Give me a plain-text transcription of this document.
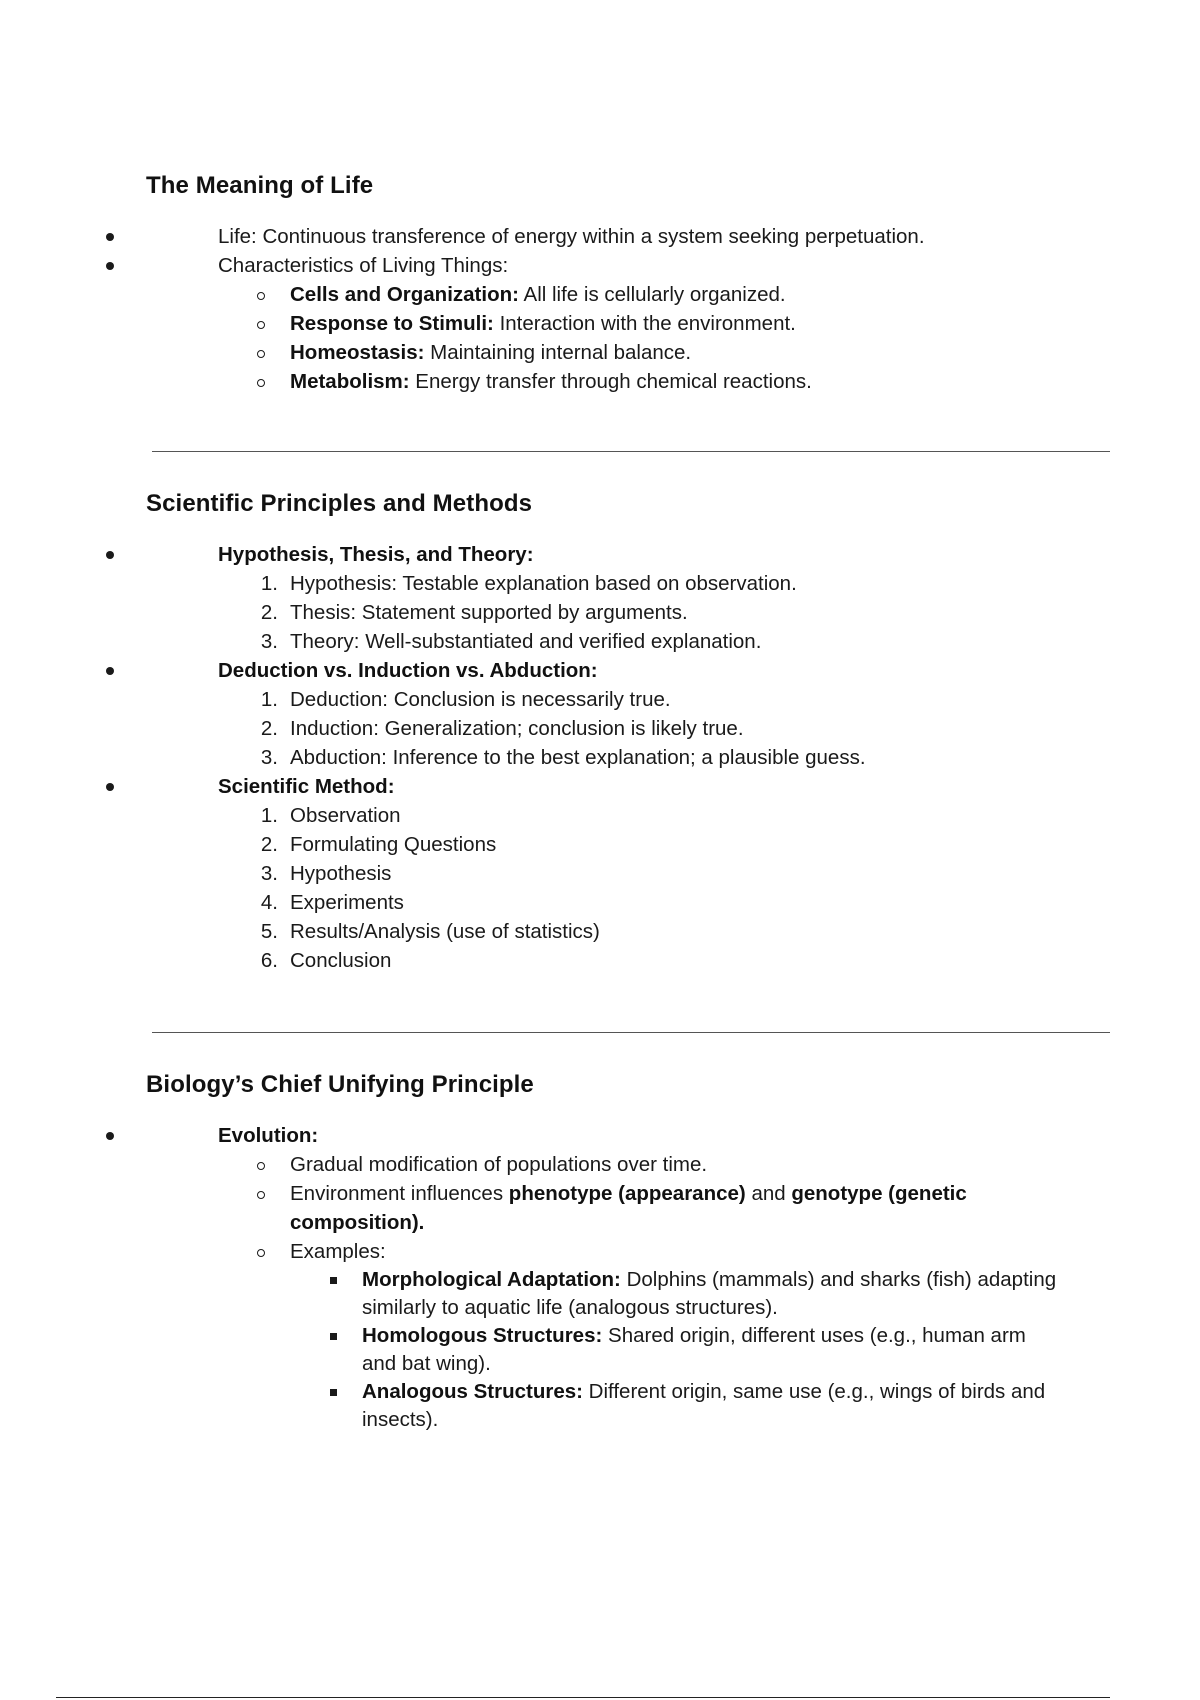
The Meaning of Life
Life: Continuous transference of energy within a system seeking perpetuation.
Characteristics of Living Things:
Cells and Organization: All life is cellularly organized.
Response to Stimuli: Interaction with the environment.
Homeostasis: Maintaining internal balance.
Metabolism: Energy transfer through chemical reactions.
Scientific Principles and Methods
Hypothesis, Thesis, and Theory:
1. Hypothesis: Testable explanation based on observation.
2. Thesis: Statement supported by arguments.
3. Theory: Well-substantiated and verified explanation.
Deduction vs. Induction vs. Abduction:
1. Deduction: Conclusion is necessarily true.
2. Induction: Generalization; conclusion is likely true.
3. Abduction: Inference to the best explanation; a plausible guess.
Scientific Method:
1. Observation
2. Formulating Questions
3. Hypothesis
4. Experiments
5. Results/Analysis (use of statistics)
6. Conclusion
Biology’s Chief Unifying Principle
Evolution:
Gradual modification of populations over time.
Environment influences phenotype (appearance) and genotype (genetic composition).
Examples:
Morphological Adaptation: Dolphins (mammals) and sharks (fish) adapting similarly to aquatic life (analogous structures).
Homologous Structures: Shared origin, different uses (e.g., human arm and bat wing).
Analogous Structures: Different origin, same use (e.g., wings of birds and insects).
